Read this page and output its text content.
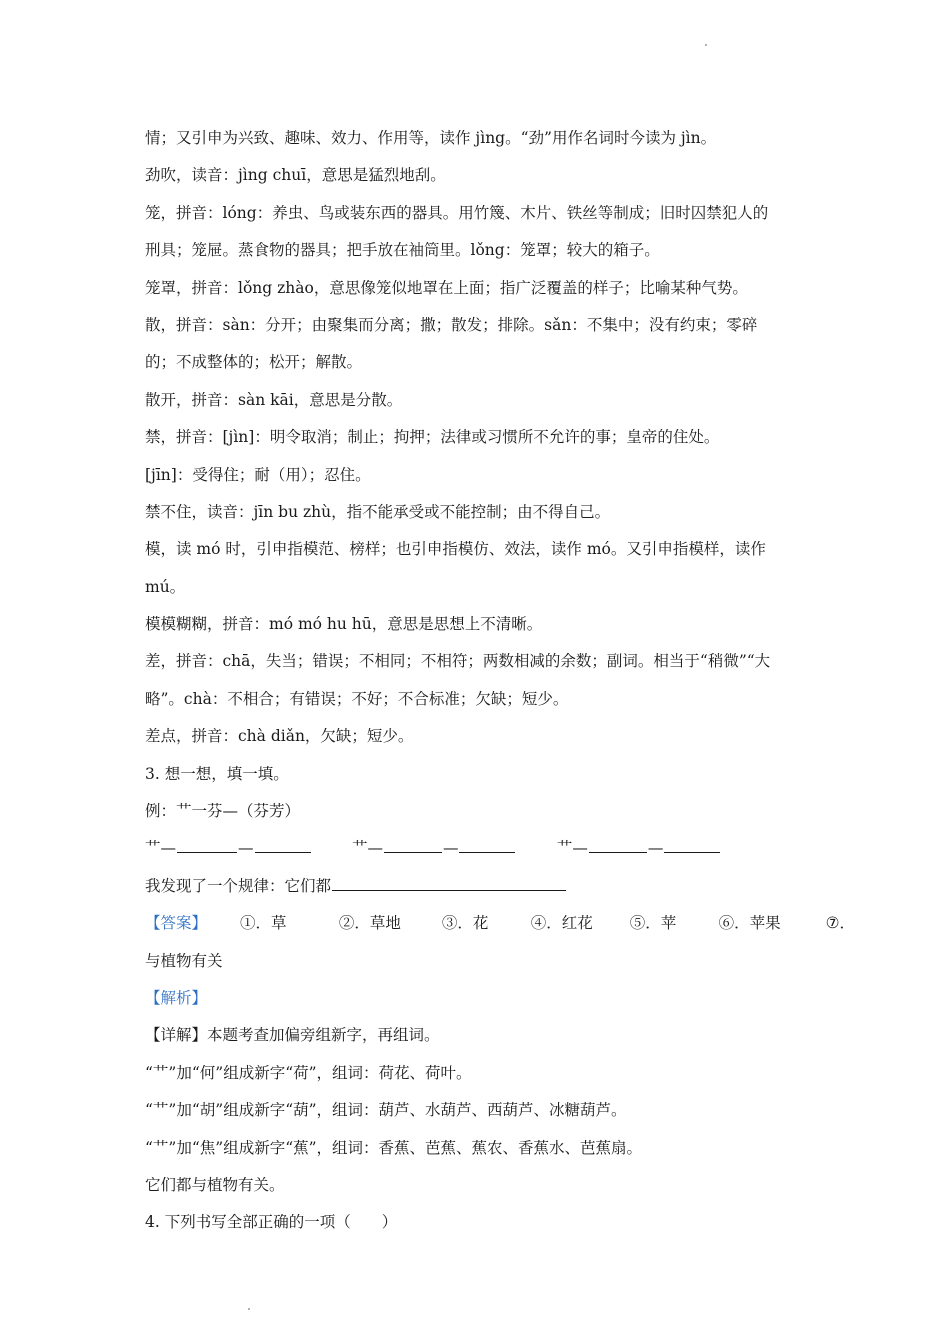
情；又引申为兴致、趣味、效力、作用等，读作 jìng。“劲”用作名词时今读为 jìn。
劲吹，读音：jìng chuī，意思是猛烈地刮。
笼，拼音：lóng：养虫、鸟或装东西的器具。用竹篾、木片、铁丝等制成；旧时囚禁犯人的
刑具；笼屉。蒸食物的器具；把手放在袖筒里。lǒng：笼罩；较大的箱子。
笼罩，拼音：lǒng zhào，意思像笼似地罩在上面；指广泛覆盖的样子；比喻某种气势。
散，拼音：sàn：分开；由聚集而分离；撒；散发；排除。sǎn：不集中；没有约束；零碎
的；不成整体的；松开；解散。
散开，拼音：sàn kāi，意思是分散。
禁，拼音：[jìn]：明令取消；制止；拘押；法律或习惯所不允许的事；皇帝的住处。
[jīn]：受得住；耐（用）；忍住。
禁不住，读音：jīn bu zhù，指不能承受或不能控制；由不得自己。
模，读 mó 时，引申指模范、榜样；也引申指模仿、效法，读作 mó。又引申指模样，读作
mú。
模模糊糊，拼音：mó mó hu hū，意思是思想上不清晰。
差，拼音：chā，失当；错误；不相同；不相符；两数相减的余数；副词。相当于“稍微”“大
略”。chà：不相合；有错误；不好；不合标准；欠缺；短少。
差点，拼音：chà diǎn，欠缺；短少。
3. 想一想，填一填。
例：艹一芬—（芬芳）
艹—	—	艹—	—	艹—	—
我发现了一个规律：它们都
【答案】 ①．草	②．草地	③．花	④．红花 ⑤．苹	⑥．苹果	⑦．
与植物有关
【解析】
【详解】本题考查加偏旁组新字，再组词。
“艹”加“何”组成新字“荷”，组词：荷花、荷叶。
“艹”加“胡”组成新字“葫”，组词：葫芦、水葫芦、西葫芦、冰糖葫芦。
“艹”加“焦”组成新字“蕉”，组词：香蕉、芭蕉、蕉农、香蕉水、芭蕉扇。
它们都与植物有关。
4. 下列书写全部正确的一项（　　）
